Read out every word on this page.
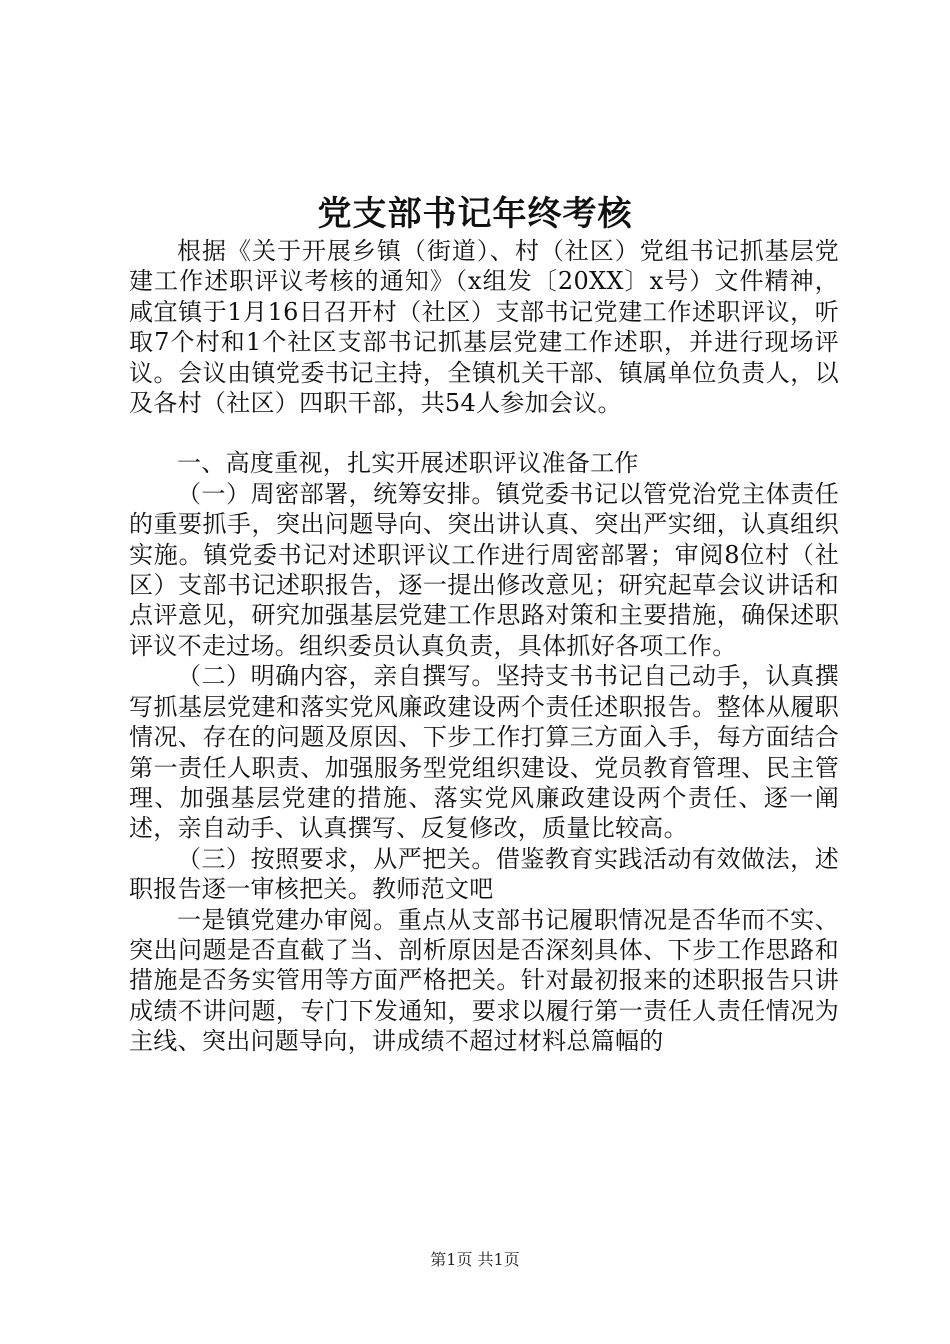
党支部书记年终考核

根据《关于开展乡镇（街道）、村（社区）党组书记抓基层党建工作述职评议考核的通知》（x组发〔20XX〕x号）文件精神，咸宜镇于1月16日召开村（社区）支部书记党建工作述职评议，听取7个村和1个社区支部书记抓基层党建工作述职，并进行现场评议。会议由镇党委书记主持，全镇机关干部、镇属单位负责人，以及各村（社区）四职干部，共54人参加会议。

一、高度重视，扎实开展述职评议准备工作

（一）周密部署，统筹安排。镇党委书记以管党治党主体责任的重要抓手，突出问题导向、突出讲认真、突出严实细，认真组织实施。镇党委书记对述职评议工作进行周密部署；审阅8位村（社区）支部书记述职报告，逐一提出修改意见；研究起草会议讲话和点评意见，研究加强基层党建工作思路对策和主要措施，确保述职评议不走过场。组织委员认真负责，具体抓好各项工作。

（二）明确内容，亲自撰写。坚持支书书记自己动手，认真撰写抓基层党建和落实党风廉政建设两个责任述职报告。整体从履职情况、存在的问题及原因、下步工作打算三方面入手，每方面结合第一责任人职责、加强服务型党组织建设、党员教育管理、民主管理、加强基层党建的措施、落实党风廉政建设两个责任、逐一阐述，亲自动手、认真撰写、反复修改，质量比较高。

（三）按照要求，从严把关。借鉴教育实践活动有效做法，述职报告逐一审核把关。教师范文吧

一是镇党建办审阅。重点从支部书记履职情况是否华而不实、突出问题是否直截了当、剖析原因是否深刻具体、下步工作思路和措施是否务实管用等方面严格把关。针对最初报来的述职报告只讲成绩不讲问题，专门下发通知，要求以履行第一责任人责任情况为主线、突出问题导向，讲成绩不超过材料总篇幅的

第1页 共1页
